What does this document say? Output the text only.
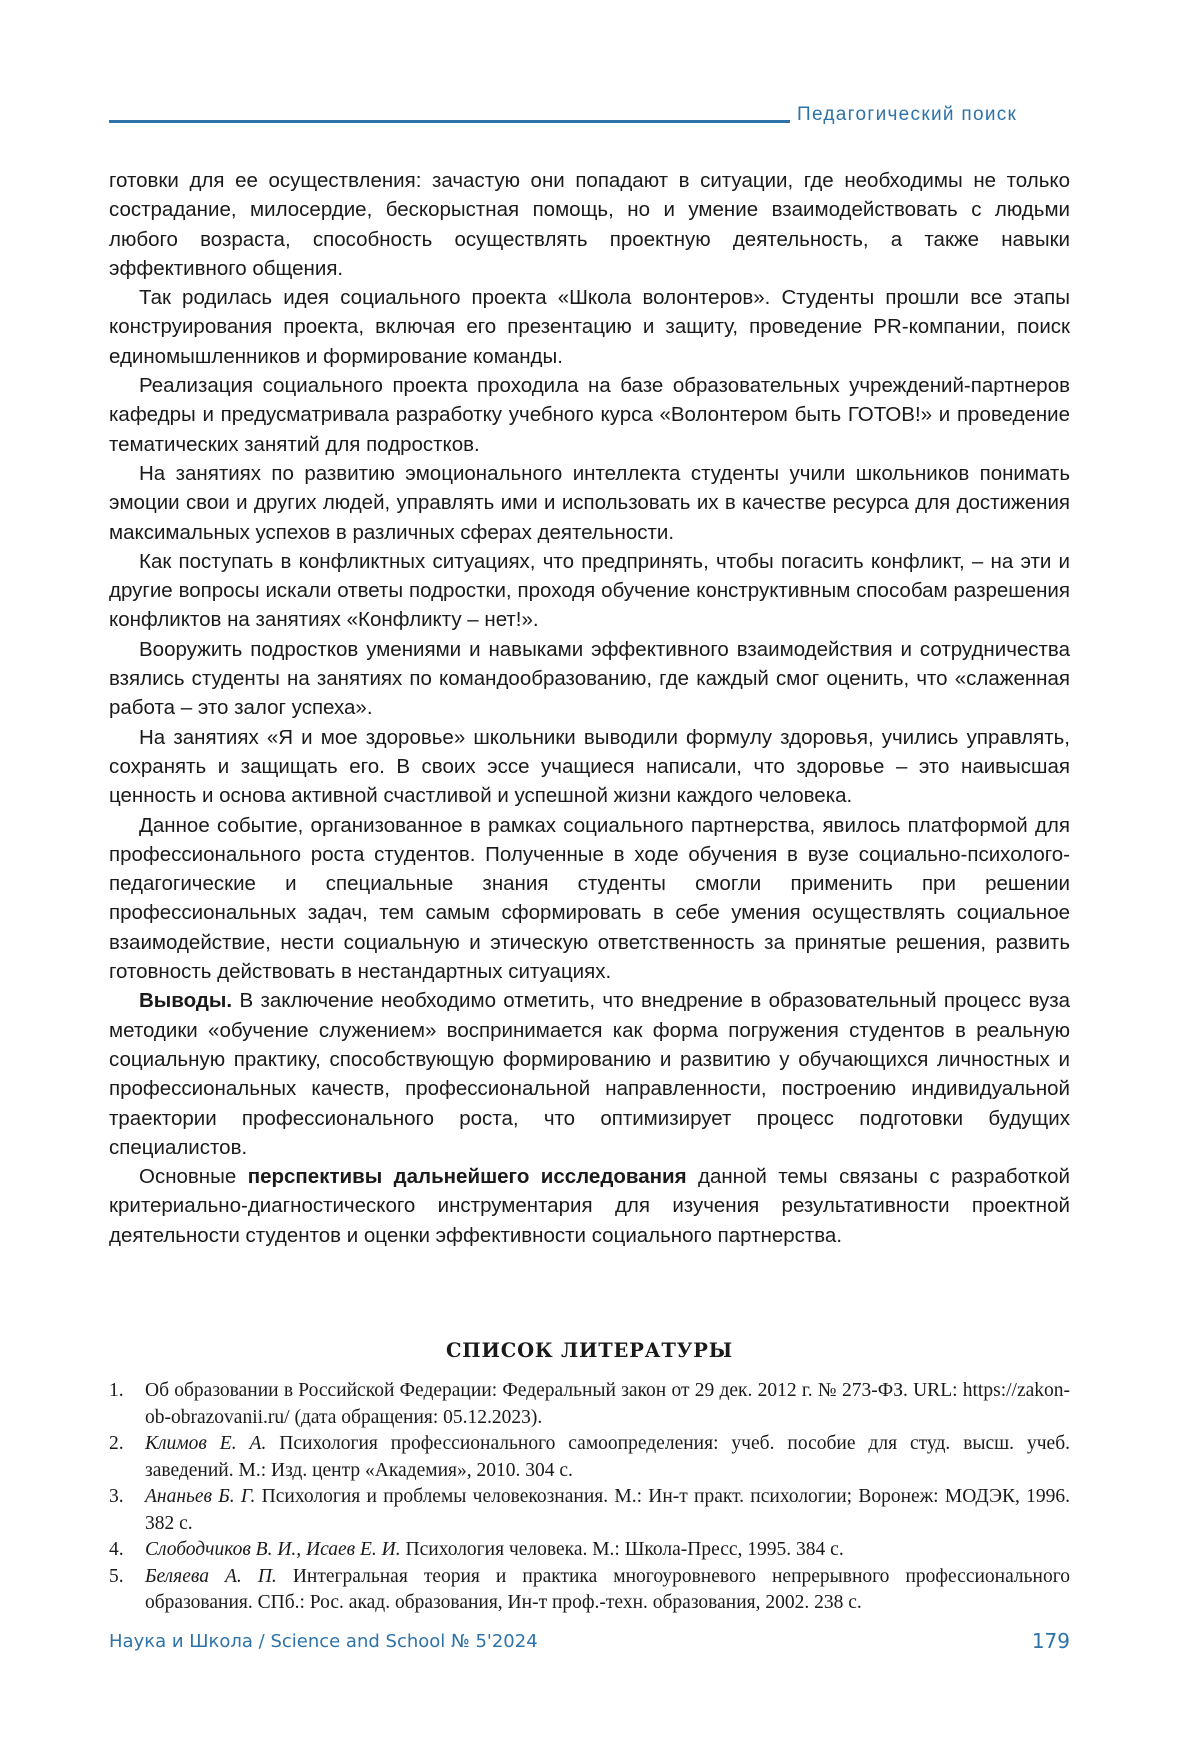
Педагогический поиск

готовки для ее осуществления: зачастую они попадают в ситуации, где необходимы не только сострадание, милосердие, бескорыстная помощь, но и умение взаимодействовать с людьми любого возраста, способность осуществлять проектную деятельность, а также навыки эффективного общения.

Так родилась идея социального проекта «Школа волонтеров». Студенты прошли все этапы конструирования проекта, включая его презентацию и защиту, проведение PR-компании, поиск единомышленников и формирование команды.

Реализация социального проекта проходила на базе образовательных учреждений-партнеров кафедры и предусматривала разработку учебного курса «Волонтером быть ГОТОВ!» и проведение тематических занятий для подростков.

На занятиях по развитию эмоционального интеллекта студенты учили школьников понимать эмоции свои и других людей, управлять ими и использовать их в качестве ресурса для достижения максимальных успехов в различных сферах деятельности.

Как поступать в конфликтных ситуациях, что предпринять, чтобы погасить конфликт, – на эти и другие вопросы искали ответы подростки, проходя обучение конструктивным способам разрешения конфликтов на занятиях «Конфликту – нет!».

Вооружить подростков умениями и навыками эффективного взаимодействия и сотрудничества взялись студенты на занятиях по командообразованию, где каждый смог оценить, что «слаженная работа – это залог успеха».

На занятиях «Я и мое здоровье» школьники выводили формулу здоровья, учились управлять, сохранять и защищать его. В своих эссе учащиеся написали, что здоровье – это наивысшая ценность и основа активной счастливой и успешной жизни каждого человека.

Данное событие, организованное в рамках социального партнерства, явилось платформой для профессионального роста студентов. Полученные в ходе обучения в вузе социально-психолого-педагогические и специальные знания студенты смогли применить при решении профессиональных задач, тем самым сформировать в себе умения осуществлять социальное взаимодействие, нести социальную и этическую ответственность за принятые решения, развить готовность действовать в нестандартных ситуациях.

Выводы. В заключение необходимо отметить, что внедрение в образовательный процесс вуза методики «обучение служением» воспринимается как форма погружения студентов в реальную социальную практику, способствующую формированию и развитию у обучающихся личностных и профессиональных качеств, профессиональной направленности, построению индивидуальной траектории профессионального роста, что оптимизирует процесс подготовки будущих специалистов.

Основные перспективы дальнейшего исследования данной темы связаны с разработкой критериально-диагностического инструментария для изучения результативности проектной деятельности студентов и оценки эффективности социального партнерства.

СПИСОК ЛИТЕРАТУРЫ
1. Об образовании в Российской Федерации: Федеральный закон от 29 дек. 2012 г. № 273-ФЗ. URL: https://zakon-ob-obrazovanii.ru/ (дата обращения: 05.12.2023).
2. Климов Е. А. Психология профессионального самоопределения: учеб. пособие для студ. высш. учеб. заведений. М.: Изд. центр «Академия», 2010. 304 с.
3. Ананьев Б. Г. Психология и проблемы человекознания. М.: Ин-т практ. психологии; Воронеж: МОДЭК, 1996. 382 с.
4. Слободчиков В. И., Исаев Е. И. Психология человека. М.: Школа-Пресс, 1995. 384 с.
5. Беляева А. П. Интегральная теория и практика многоуровневого непрерывного профессионального образования. СПб.: Рос. акад. образования, Ин-т проф.-техн. образования, 2002. 238 с.
Наука и Школа / Science and School № 5'2024	179
